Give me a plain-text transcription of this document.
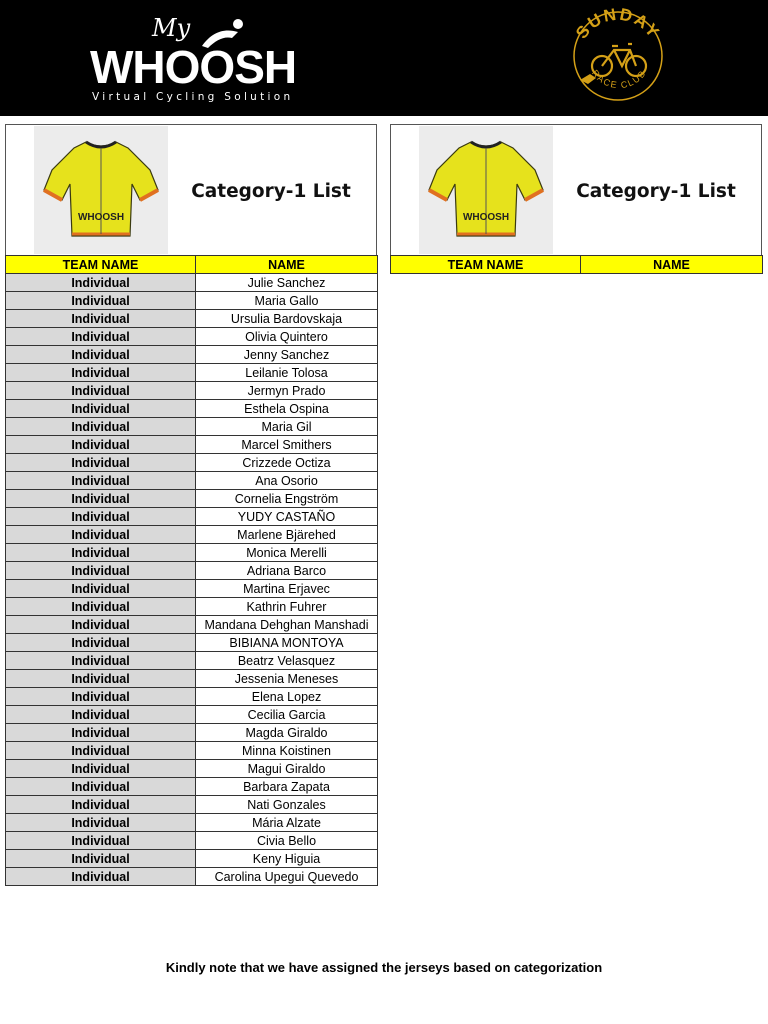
My
WHOOSH
Virtual Cycling Solution
SUNDAY
RACE CLUB
WHOOSH
Category-1 List
TEAM NAME	NAME
Individual	Julie Sanchez
Individual	Maria Gallo
Individual	Ursulia Bardovskaja
Individual	Olivia Quintero
Individual	Jenny Sanchez
Individual	Leilanie Tolosa
Individual	Jermyn Prado
Individual	Esthela Ospina
Individual	Maria Gil
Individual	Marcel Smithers
Individual	Crizzede Octiza
Individual	Ana Osorio
Individual	Cornelia Engström
Individual	YUDY CASTAÑO
Individual	Marlene Bjärehed
Individual	Monica Merelli
Individual	Adriana Barco
Individual	Martina Erjavec
Individual	Kathrin Fuhrer
Individual	Mandana Dehghan Manshadi
Individual	BIBIANA MONTOYA
Individual	Beatrz Velasquez
Individual	Jessenia Meneses
Individual	Elena Lopez
Individual	Cecilia Garcia
Individual	Magda Giraldo
Individual	Minna Koistinen
Individual	Magui Giraldo
Individual	Barbara Zapata
Individual	Nati Gonzales
Individual	Mária Alzate
Individual	Civia Bello
Individual	Keny Higuia
Individual	Carolina Upegui Quevedo
WHOOSH
Category-1 List
TEAM NAME	NAME
Kindly note that we have assigned the jerseys based on categorization
